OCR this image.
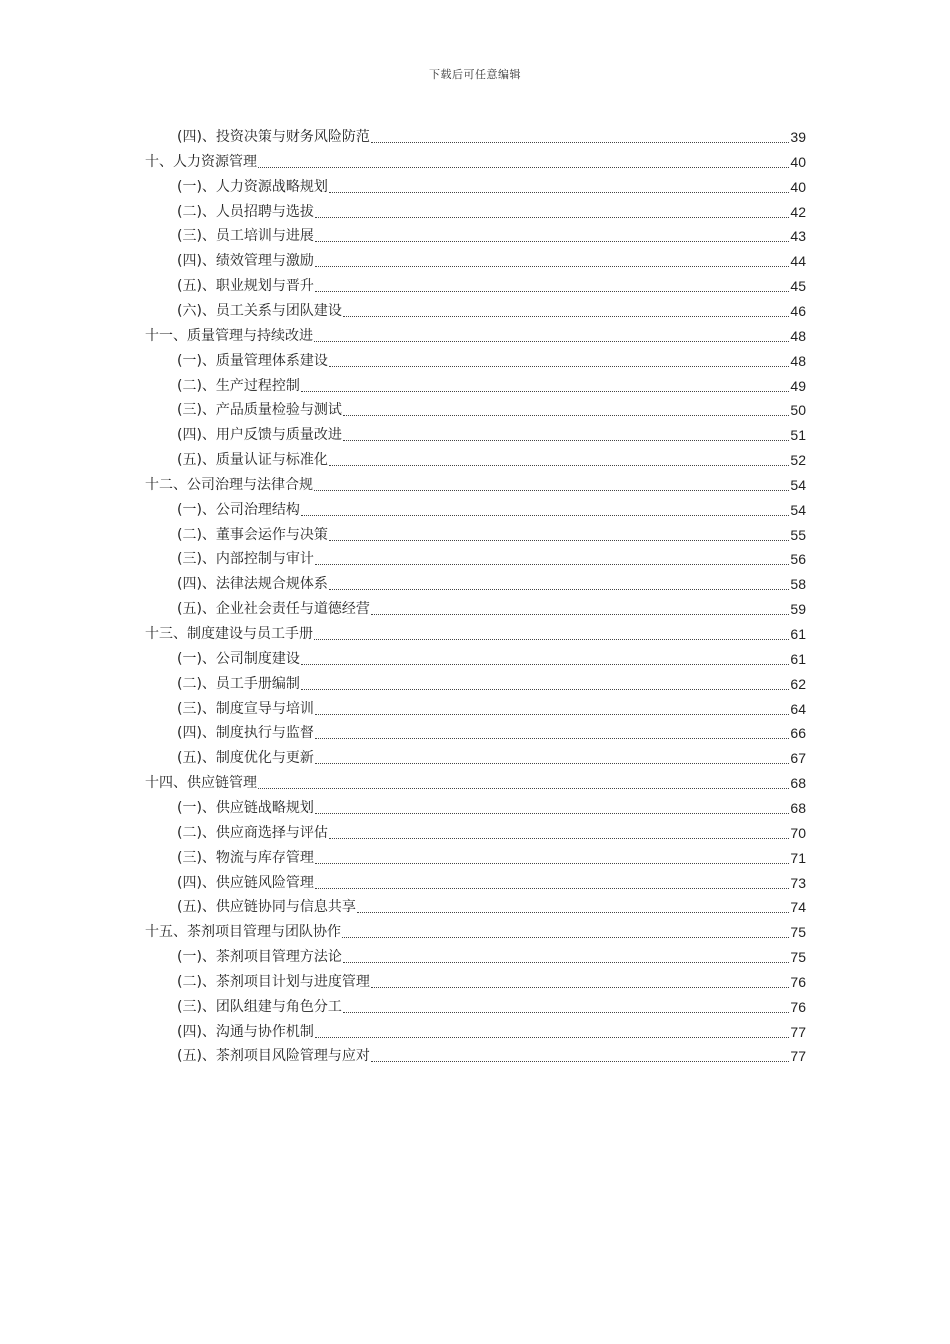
下载后可任意编辑
(四)、投资决策与财务风险防范	39
十、人力资源管理	40
(一)、人力资源战略规划	40
(二)、人员招聘与选拔	42
(三)、员工培训与进展	43
(四)、绩效管理与激励	44
(五)、职业规划与晋升	45
(六)、员工关系与团队建设	46
十一、质量管理与持续改进	48
(一)、质量管理体系建设	48
(二)、生产过程控制	49
(三)、产品质量检验与测试	50
(四)、用户反馈与质量改进	51
(五)、质量认证与标准化	52
十二、公司治理与法律合规	54
(一)、公司治理结构	54
(二)、董事会运作与决策	55
(三)、内部控制与审计	56
(四)、法律法规合规体系	58
(五)、企业社会责任与道德经营	59
十三、制度建设与员工手册	61
(一)、公司制度建设	61
(二)、员工手册编制	62
(三)、制度宣导与培训	64
(四)、制度执行与监督	66
(五)、制度优化与更新	67
十四、供应链管理	68
(一)、供应链战略规划	68
(二)、供应商选择与评估	70
(三)、物流与库存管理	71
(四)、供应链风险管理	73
(五)、供应链协同与信息共享	74
十五、茶剂项目管理与团队协作	75
(一)、茶剂项目管理方法论	75
(二)、茶剂项目计划与进度管理	76
(三)、团队组建与角色分工	76
(四)、沟通与协作机制	77
(五)、茶剂项目风险管理与应对	77
